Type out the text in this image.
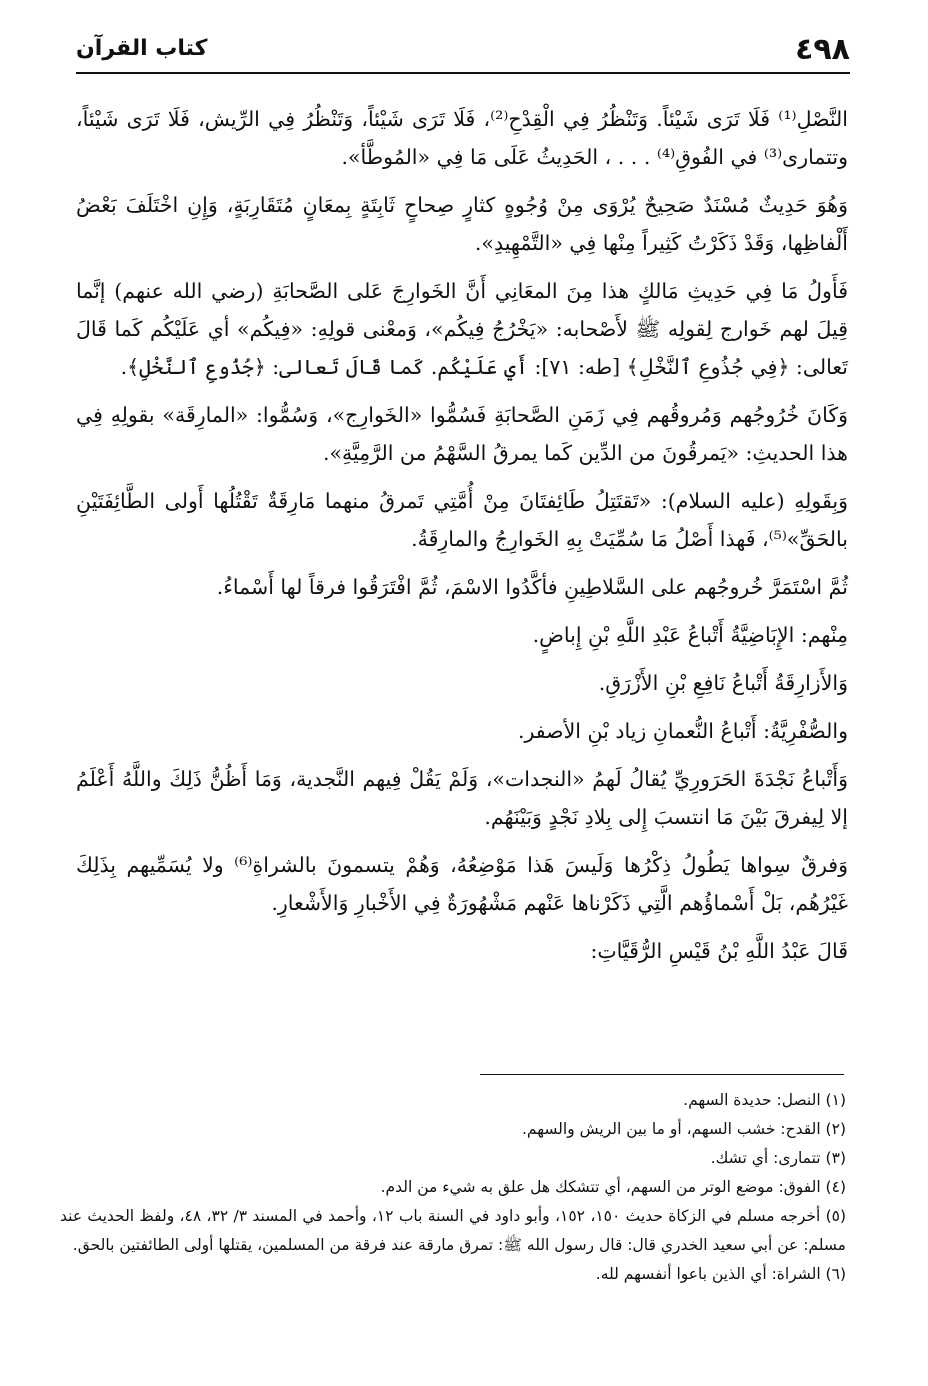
٤٩٨
كتاب القرآن

النَّصْلِ⁽¹⁾ فَلَا تَرَى شَيْئاً. وَتَنْظُرُ فِي الْقِدْحِ⁽²⁾، فَلَا تَرَى شَيْئاً، وَتَنْظُرُ فِي الرِّيش، فَلَا تَرَى شَيْئاً، وتتمارى⁽³⁾ في الفُوقِ⁽⁴⁾ . . . ، الحَدِيثُ عَلَى مَا فِي «المُوطَّأ».

وَهُوَ حَدِيثٌ مُسْنَدٌ صَحِيحٌ يُرْوَى مِنْ وُجُوهٍ كثارٍ صِحاحٍ ثَابِتَةٍ بِمعَانٍ مُتَقَارِبَةٍ، وَإِنِ اخْتَلَفَ بَعْضُ أَلْفاظِها، وَقَدْ ذَكَرْتُ كَثِيراً مِنْها فِي «التَّمْهِيدِ».

فَأَولُ مَا فِي حَدِيثِ مَالكٍ هذا مِنَ المعَانِي أَنَّ الخَوارِجَ عَلى الصَّحابَةِ (رضي الله عنهم) إنَّما قِيلَ لهم خَوارج لِقولِه ﷺ لأَصْحابه: «يَخْرُجُ فِيكُم»، وَمعْنى قولِهِ: «فِيكُم» أي عَلَيْكُم كَما قَالَ تَعالى: ﴿فِي جُذُوعِ ٱلنَّخْلِ﴾ [طه: ٧١]: أَي عَلَيْكُم. كَما قَالَ تَعالى: ﴿جُذُوعِ ٱلنَّخْلِ﴾.

وَكَانَ خُرُوجُهم وَمُروقُهم فِي زَمَنِ الصَّحابَةِ فَسُمُّوا «الخَوارِج»، وَسُمُّوا: «المارِقَة» بقولِهِ فِي هذا الحديثِ: «يَمرقُونَ من الدِّين كَما يمرقُ السَّهْمُ من الرَّمِيَّةِ».

وَبِقَولِهِ (عليه السلام): «تَقتَتِلُ طَائِفتَانَ مِنْ أُمَّتِي تَمرقُ منهما مَارِقَةٌ تَقْتُلُها أَولى الطَّائِفَتَيْنِ بالحَقِّ»⁽⁵⁾، فَهذا أَصْلُ مَا سُمِّيَتْ بِهِ الخَوارِجُ والمارِقَةُ.

ثُمَّ اسْتَمَرَّ خُروجُهم على السَّلاطِينِ فأكَّدُوا الاسْمَ، ثُمَّ افْتَرَقُوا فرقاً لها أَسْماءُ.

مِنْهم: الإِبَاضِيَّةُ أَتْباعُ عَبْدِ اللَّهِ بْنِ إِباضٍ.

وَالأَزارِقَةُ أَتْباعُ نَافِعِ بْنِ الأَزْرَقِ.

والصُّفْرِيَّةُ: أَتْباعُ النُّعمانِ زياد بْنِ الأصفر.

وَأَتْباعُ نَجْدَةَ الحَرَورِيِّ يُقالُ لَهمُ «النجدات»، وَلَمْ يَقُلْ فِيهم النَّجدية، وَمَا أَظُنُّ ذَلِكَ واللَّهُ أَعْلَمُ إلا لِيفرقَ بَيْنَ مَا انتسبَ إِلى بِلادِ نَجْدٍ وَبَيْنَهُم.

وَفرقٌ سِواها يَطُولُ ذِكْرُها وَلَيسَ هَذا مَوْضِعُهُ، وَهُمْ يتسمونَ بالشراةِ⁽⁶⁾ ولا يُسَمِّيهم بِذَلِكَ غَيْرُهُم، بَلْ أَسْماؤُهم الَّتِي ذَكَرْناها عَنْهم مَشْهُورَةٌ فِي الأَخْبارِ وَالأَشْعارِ.

قَالَ عَبْدُ اللَّهِ بْنُ قَيْسِ الرُّقَيَّاتِ:

(١) النصل: حديدة السهم.

(٢) القدح: خشب السهم، أو ما بين الريش والسهم.

(٣) تتمارى: أي تشك.

(٤) الفوق: موضع الوتر من السهم، أي تتشكك هل علق به شيء من الدم.

(٥) أخرجه مسلم في الزكاة حديث ١٥٠، ١٥٢، وأبو داود في السنة باب ١٢، وأحمد في المسند ٣/ ٣٢، ٤٨، ولفظ الحديث عند مسلم: عن أبي سعيد الخدري قال: قال رسول الله ﷺ: تمرق مارقة عند فرقة من المسلمين، يقتلها أولى الطائفتين بالحق.

(٦) الشراة: أي الذين باعوا أنفسهم لله.
